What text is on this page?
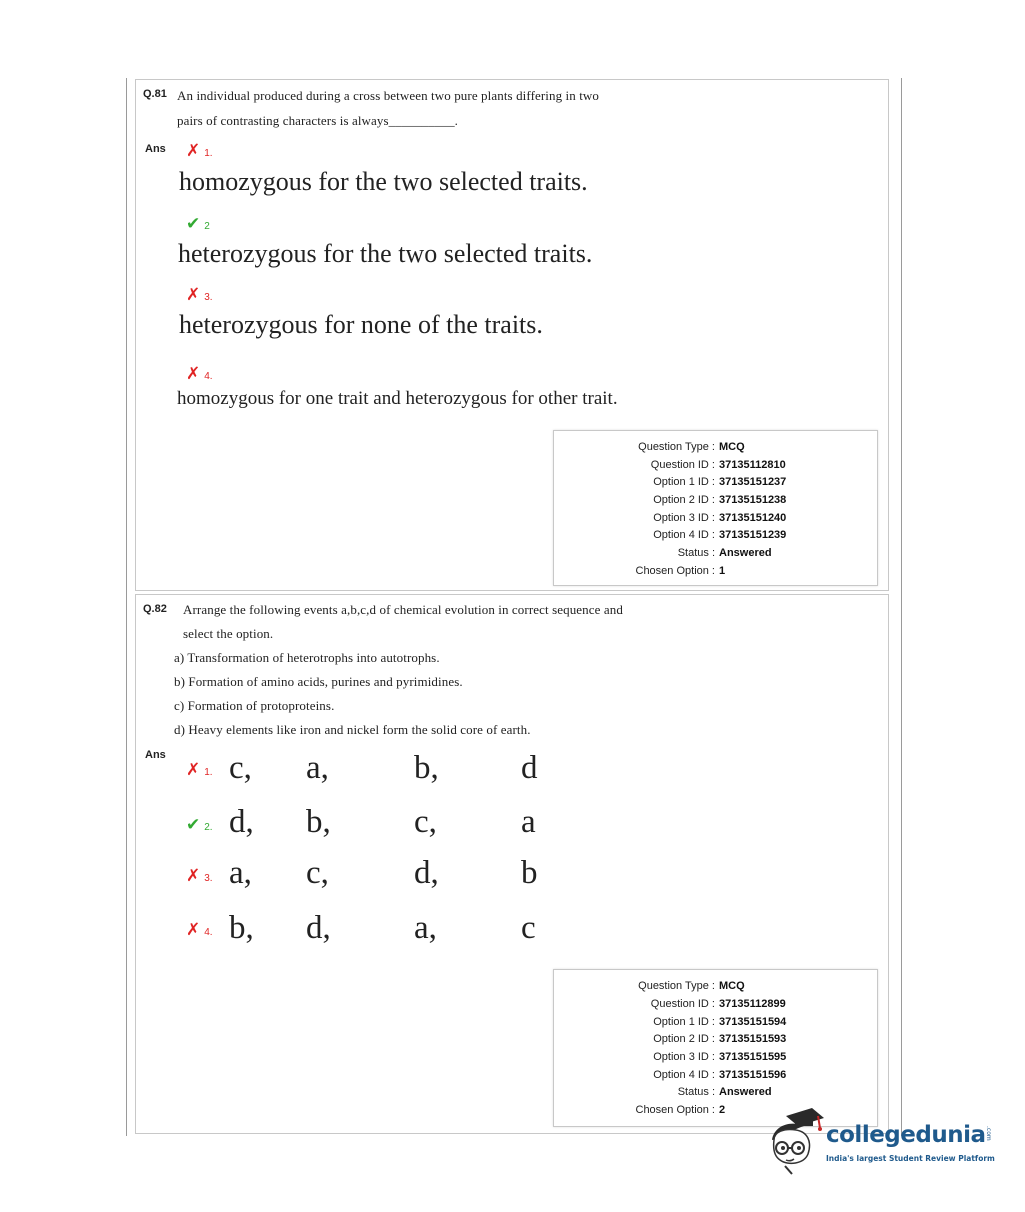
Q.81 An individual produced during a cross between two pure plants differing in two
pairs of contrasting characters is always__________.
Ans ✗ 1.
homozygous for the two selected traits.
✔ 2
heterozygous for the two selected traits.
✗ 3.
heterozygous for none of the traits.
✗ 4.
homozygous for one trait and heterozygous for other trait.
Question Type : MCQ
Question ID : 37135112810
Option 1 ID : 37135151237
Option 2 ID : 37135151238
Option 3 ID : 37135151240
Option 4 ID : 37135151239
Status : Answered
Chosen Option : 1
Q.82 Arrange the following events a,b,c,d of chemical evolution in correct sequence and
select the option.
a) Transformation of heterotrophs into autotrophs.
b) Formation of amino acids, purines and pyrimidines.
c) Formation of protoproteins.
d) Heavy elements like iron and nickel form the solid core of earth.
Ans
✗ 1. c, a,	b, d
✔ 2. d, b,	c,	a
✗ 3. a, c,	d, b
✗ 4. b, d,	a,	c
Question Type : MCQ
Question ID : 37135112899
Option 1 ID : 37135151594
Option 2 ID : 37135151593
Option 3 ID : 37135151595
Option 4 ID : 37135151596
Status : Answered
Chosen Option : 2
collegedunia .com
India's largest Student Review Platform
